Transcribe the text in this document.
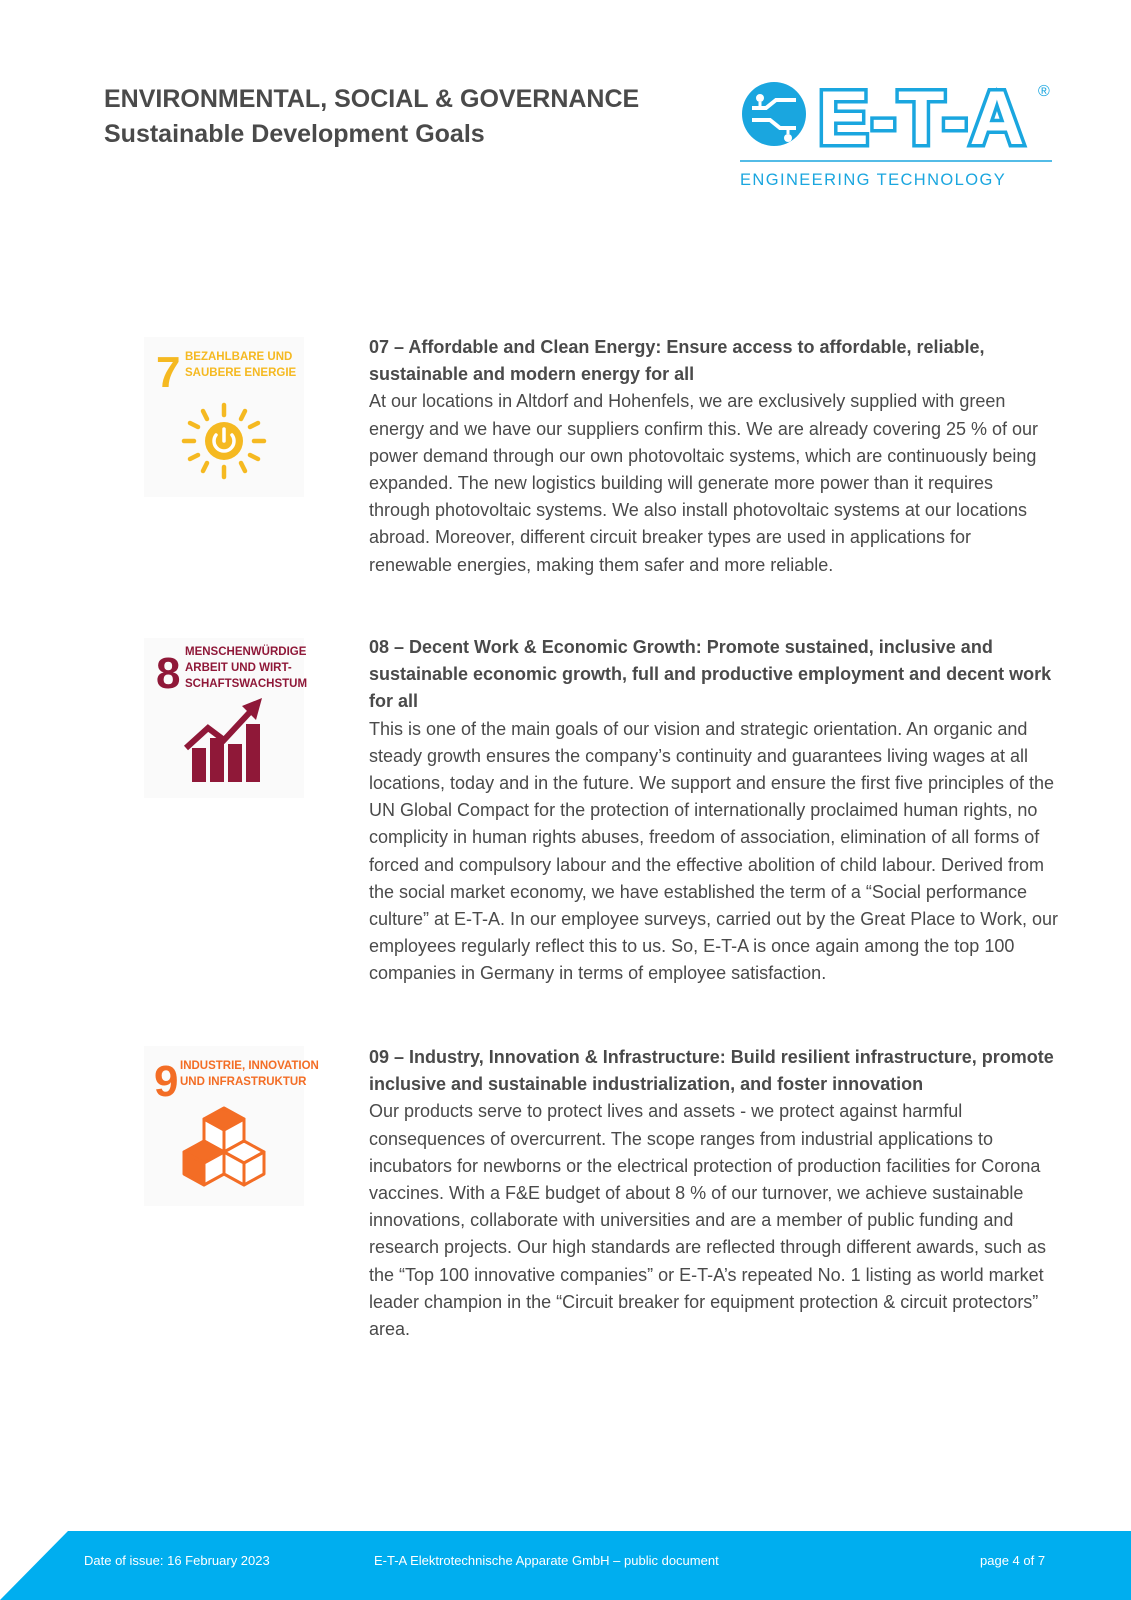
ENVIRONMENTAL, SOCIAL & GOVERNANCE
Sustainable Development Goals	E-T-A ®
ENGINEERING TECHNOLOGY
7 BEZAHLBARE UND
SAUBERE ENERGIE
07 – Affordable and Clean Energy: Ensure access to affordable, reliable, sustainable and modern energy for all
At our locations in Altdorf and Hohenfels, we are exclusively supplied with green energy and we have our suppliers confirm this. We are already covering 25 % of our power demand through our own photovoltaic systems, which are continuously being expanded. The new logistics building will generate more power than it requires through photovoltaic systems. We also install photovoltaic systems at our locations abroad. Moreover, different circuit breaker types are used in applications for renewable energies, making them safer and more reliable.
8 MENSCHENWÜRDIGE
ARBEIT UND WIRT-
SCHAFTSWACHSTUM
08 – Decent Work & Economic Growth: Promote sustained, inclusive and sustainable economic growth, full and productive employment and decent work for all
This is one of the main goals of our vision and strategic orientation. An organic and steady growth ensures the company’s continuity and guarantees living wages at all locations, today and in the future. We support and ensure the first five principles of the UN Global Compact for the protection of internationally proclaimed human rights, no complicity in human rights abuses, freedom of association, elimination of all forms of forced and compulsory labour and the effective abolition of child labour. Derived from the social market economy, we have established the term of a “Social performance culture” at E-T-A. In our employee surveys, carried out by the Great Place to Work, our employees regularly reflect this to us. So, E-T-A is once again among the top 100 companies in Germany in terms of employee satisfaction.
9 INDUSTRIE, INNOVATION
UND INFRASTRUKTUR
09 – Industry, Innovation & Infrastructure: Build resilient infrastructure, promote inclusive and sustainable industrialization, and foster innovation
Our products serve to protect lives and assets - we protect against harmful consequences of overcurrent. The scope ranges from industrial applications to incubators for newborns or the electrical protection of production facilities for Corona vaccines. With a F&E budget of about 8 % of our turnover, we achieve sustainable innovations, collaborate with universities and are a member of public funding and research projects. Our high standards are reflected through different awards, such as the “Top 100 innovative companies” or E-T-A’s repeated No. 1 listing as world market leader champion in the “Circuit breaker for equipment protection & circuit protectors” area.
Date of issue: 16 February 2023	E-T-A Elektrotechnische Apparate GmbH – public document	page 4 of 7
